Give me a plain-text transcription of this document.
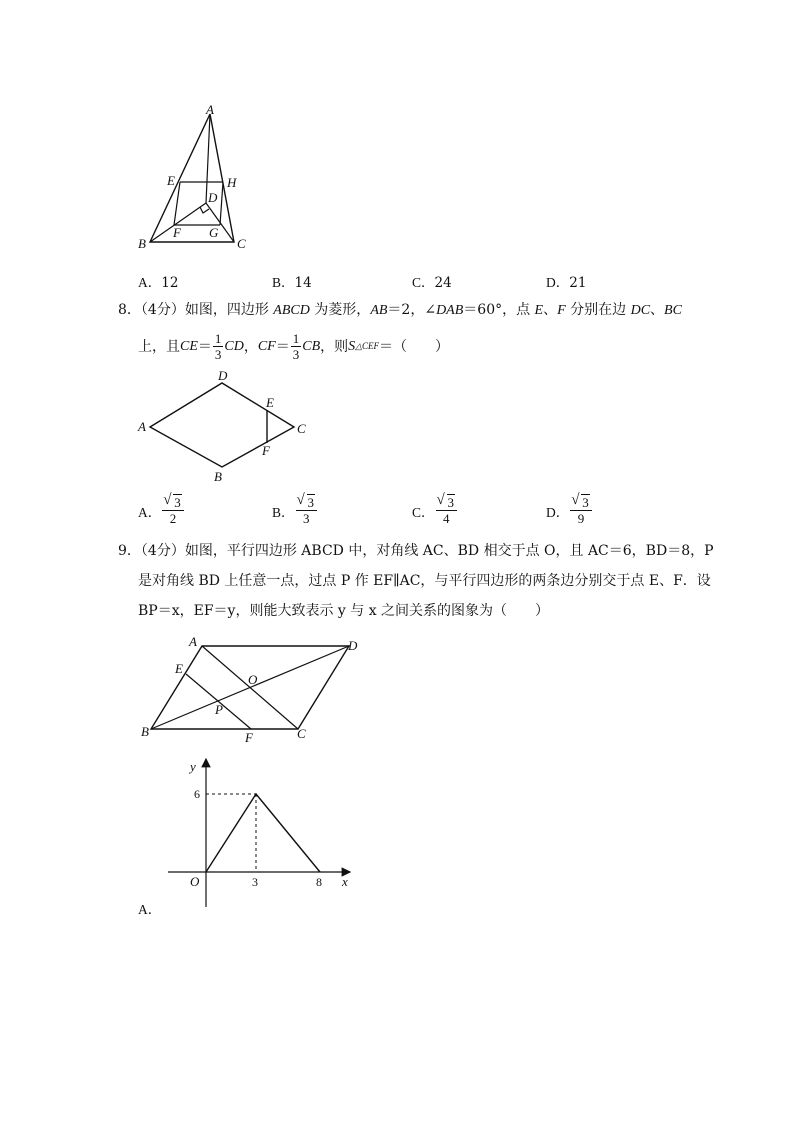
A
E	H
D
F G
B	C
A．12	B．14	C．24	D．21
8．（4分）如图，四边形 ABCD 为菱形，AB＝2，∠DAB＝60°，点 E、F 分别在边 DC、BC
上，且 CE ＝ $\frac{1}{3}$ CD ， CF ＝ $\frac{1}{3}$ CB ，则 S △CEF ＝（　　）
D
E
A	C
F
B
A． √ $\frac{3}{2}$	B． √ $\frac{3}{3}$	C． √ $\frac{3}{4}$	D． √ $\frac{3}{9}$
9．（4分）如图，平行四边形 ABCD 中，对角线 AC、BD 相交于点 O，且 AC＝6，BD＝8，P
是对角线 BD 上任意一点，过点 P 作 EF∥AC，与平行四边形的两条边分别交于点 E、F．设
BP＝x，EF＝y，则能大致表示 y 与 x 之间关系的图象为（　　）
A	D
E
O
P
B	F	C
y
x
O
6
3	8
A．
